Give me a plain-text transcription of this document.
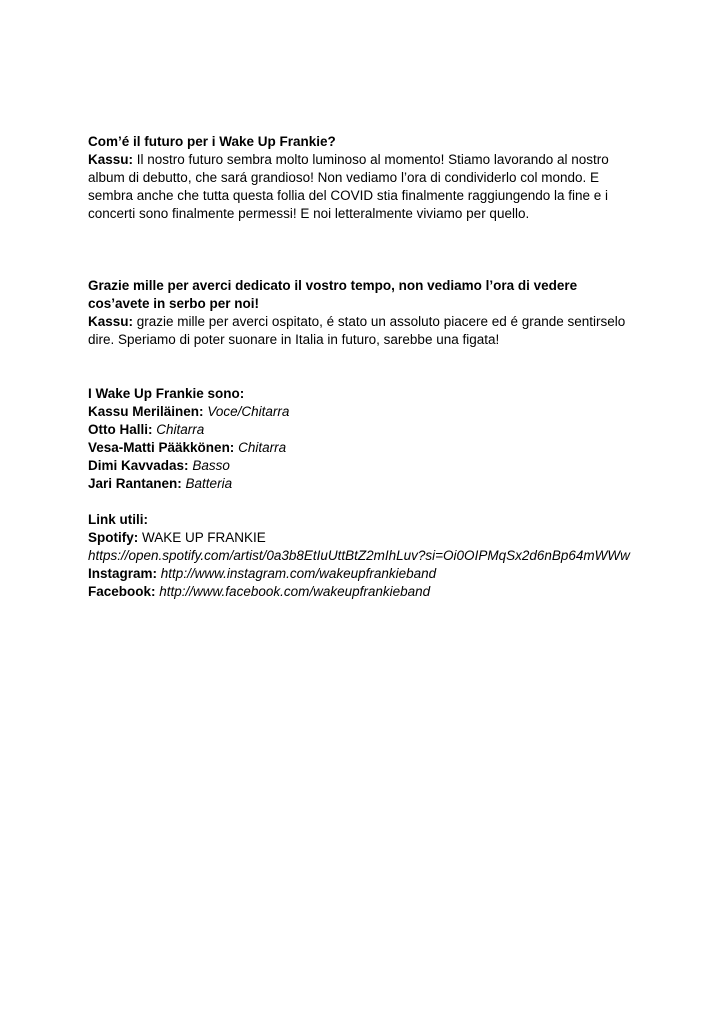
Com’é il futuro per i Wake Up Frankie?
Kassu: Il nostro futuro sembra molto luminoso al momento! Stiamo lavorando al nostro
album di debutto, che sará grandioso! Non vediamo l’ora di condividerlo col mondo. E
sembra anche che tutta questa follia del COVID stia finalmente raggiungendo la fine e i
concerti sono finalmente permessi! E noi letteralmente viviamo per quello.
Grazie mille per averci dedicato il vostro tempo, non vediamo l’ora di vedere
cos’avete in serbo per noi!
Kassu: grazie mille per averci ospitato, é stato un assoluto piacere ed é grande sentirselo
dire. Speriamo di poter suonare in Italia in futuro, sarebbe una figata!
I Wake Up Frankie sono:
Kassu Meriläinen: Voce/Chitarra
Otto Halli: Chitarra
Vesa-Matti Pääkkönen: Chitarra
Dimi Kavvadas: Basso
Jari Rantanen: Batteria
Link utili:
Spotify: WAKE UP FRANKIE
https://open.spotify.com/artist/0a3b8EtIuUttBtZ2mIhLuv?si=Oi0OIPMqSx2d6nBp64mWWw
Instagram: http://www.instagram.com/wakeupfrankieband
Facebook: http://www.facebook.com/wakeupfrankieband
